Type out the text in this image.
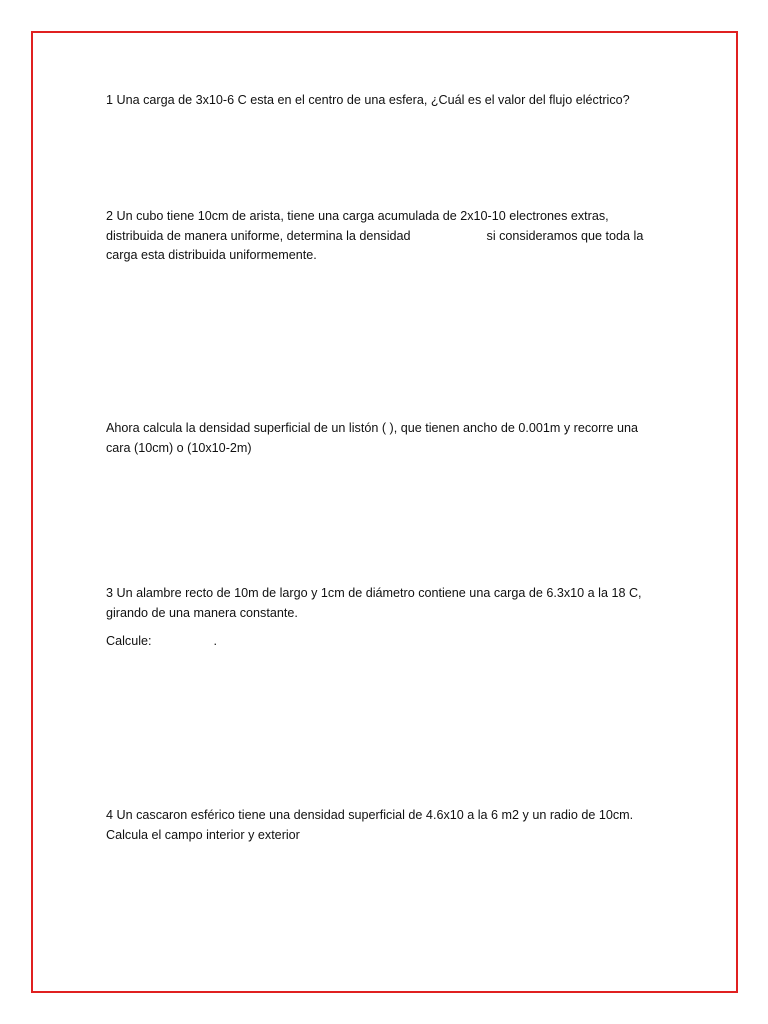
1 Una carga de 3x10-6 C esta en el centro de una esfera, ¿Cuál es el valor del flujo eléctrico?

2 Un cubo tiene 10cm de arista, tiene una carga acumulada de 2x10-10 electrones extras,
distribuida de manera uniforme, determina la densidad	si consideramos que toda la
carga esta distribuida uniformemente.

Ahora calcula la densidad superficial de un listón ( ), que tienen ancho de 0.001m y recorre una
cara (10cm) o (10x10-2m)

3 Un alambre recto de 10m de largo y 1cm de diámetro contiene una carga de 6.3x10 a la 18 C,
girando de una manera constante.

Calcule:	.

4 Un cascaron esférico tiene una densidad superficial de 4.6x10 a la 6 m2 y un radio de 10cm.
Calcula el campo interior y exterior
